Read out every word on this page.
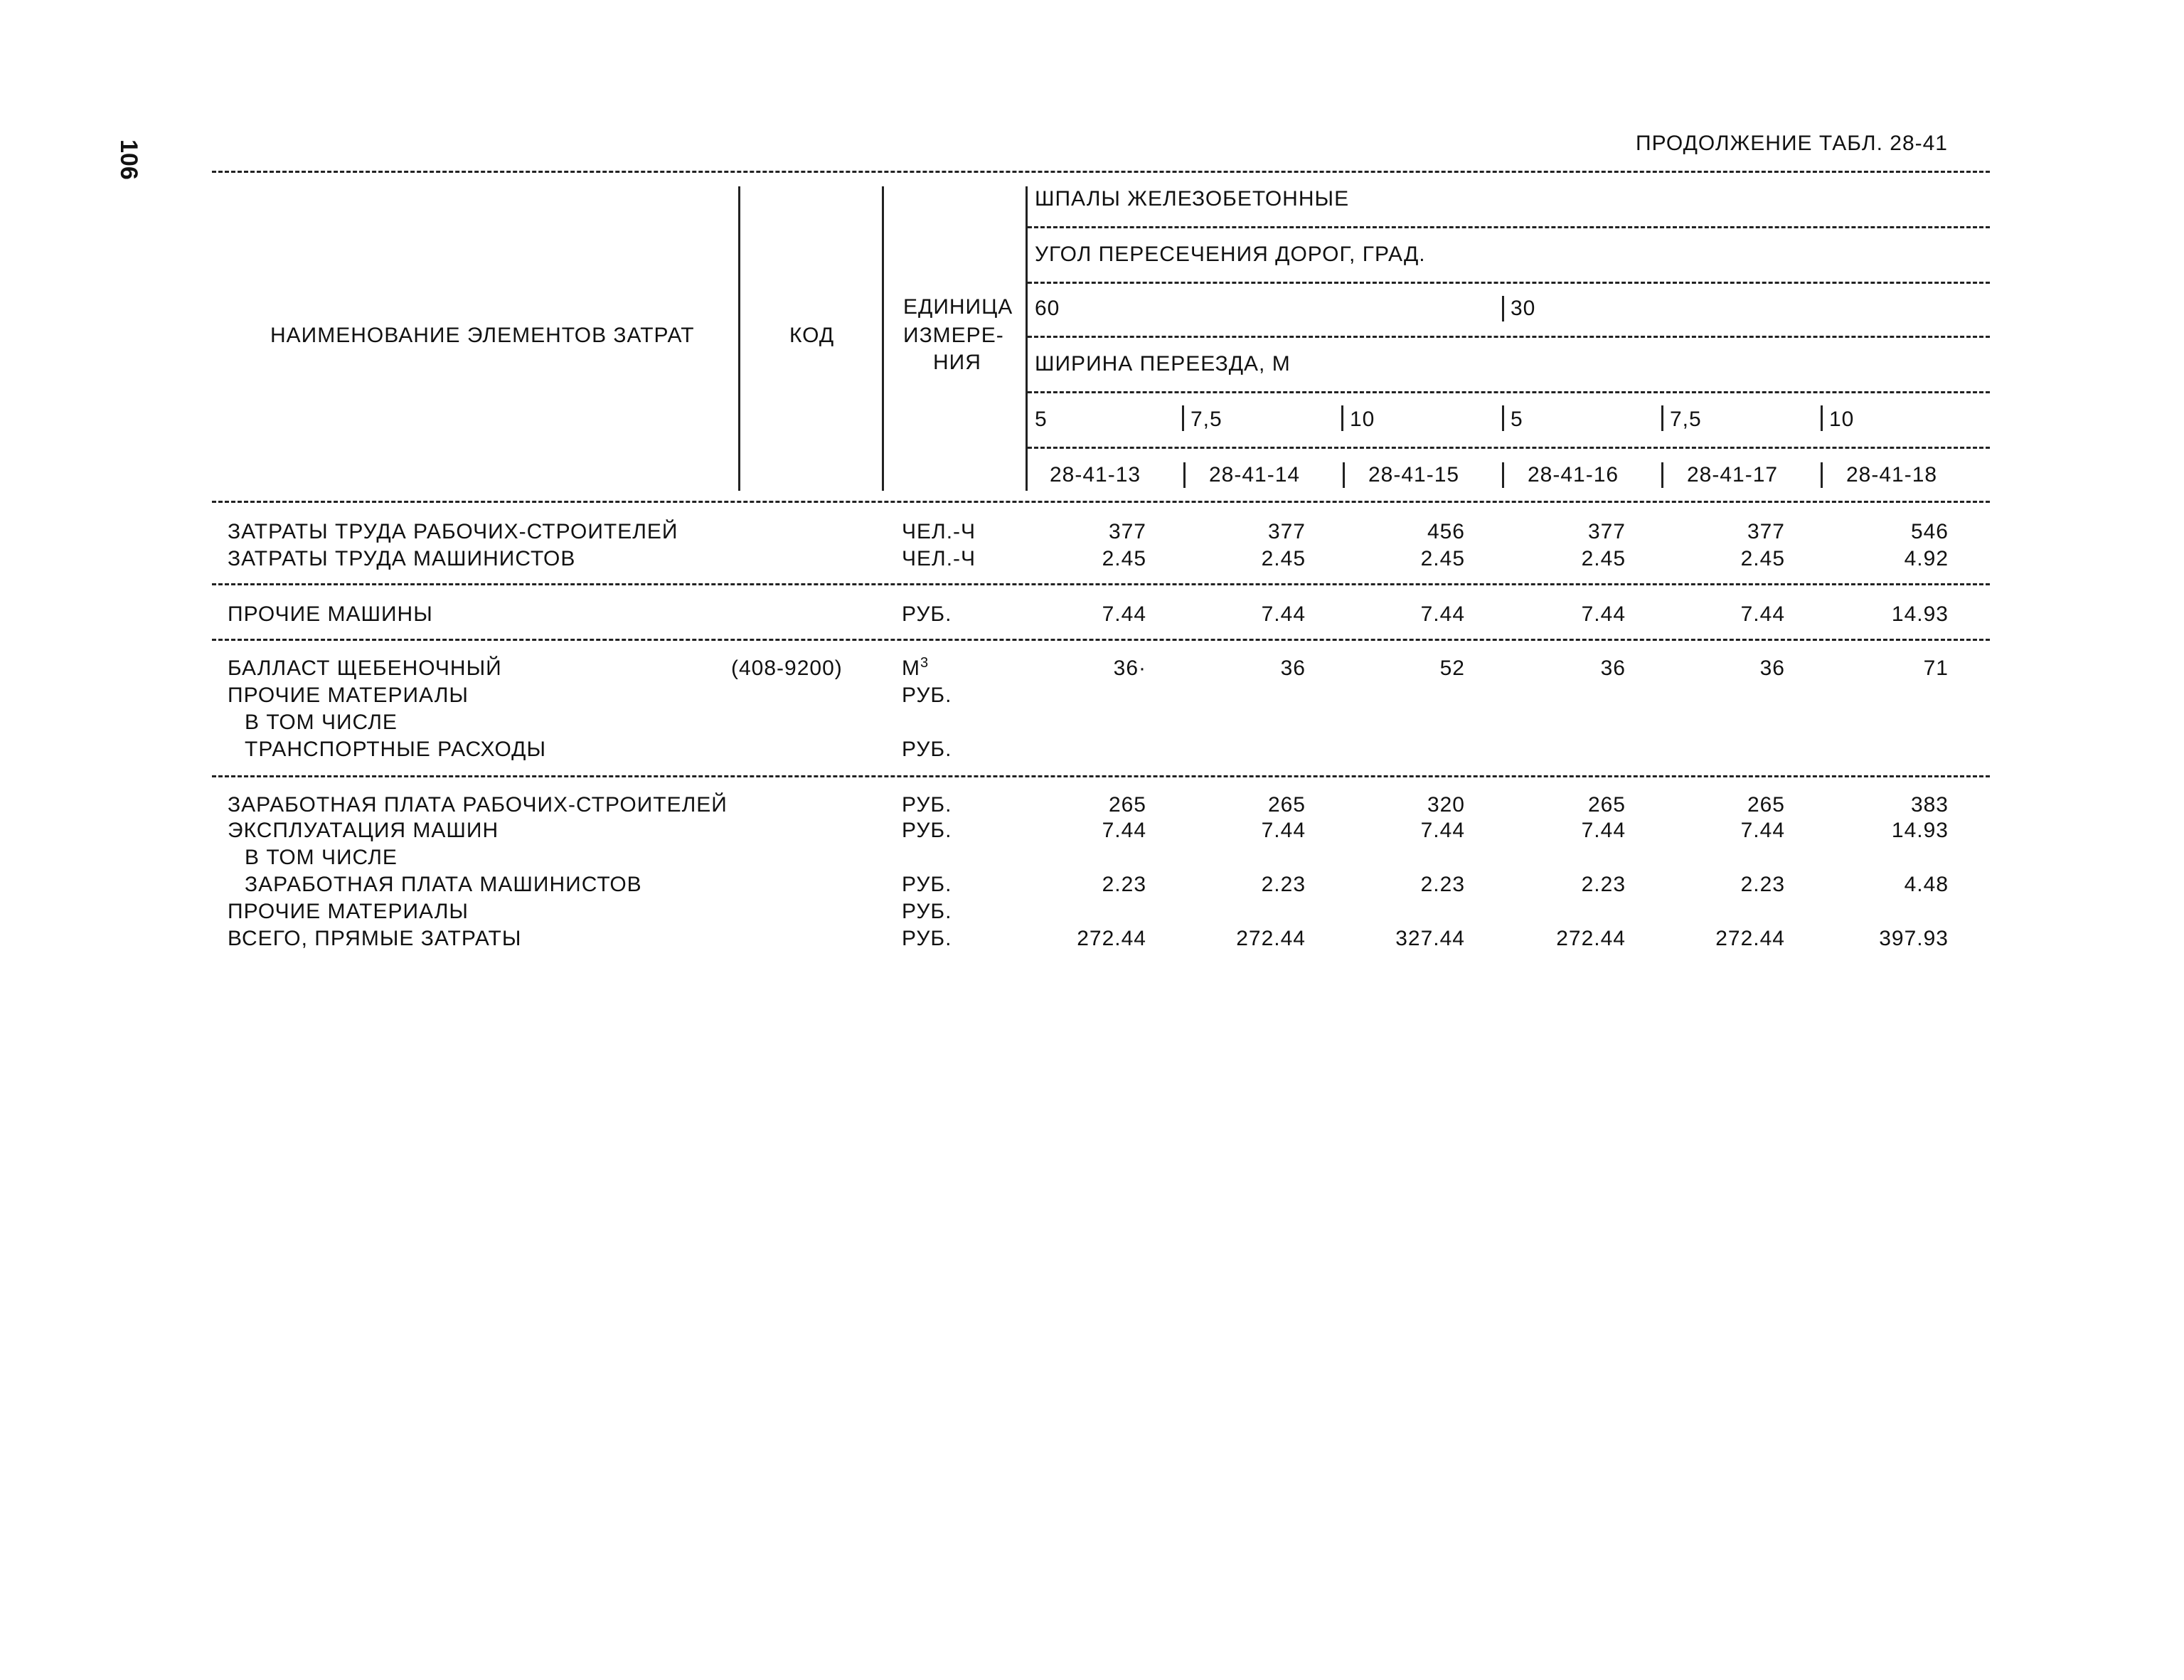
106	ПРОДОЛЖЕНИЕ ТАБЛ. 28-41
НАИМЕНОВАНИЕ ЭЛЕМЕНТОВ ЗАТРАТ	КОД
ЕДИНИЦА
ИЗМЕРЕ-
НИЯ
ШПАЛЫ ЖЕЛЕЗОБЕТОННЫЕ
УГОЛ ПЕРЕСЕЧЕНИЯ ДОРОГ, ГРАД.
60	30
ШИРИНА ПЕРЕЕЗДА, М
5	7,5	10	5	7,5	10
28-41-13	28-41-14	28-41-15	28-41-16	28-41-17	28-41-18
ЗАТРАТЫ ТРУДА РАБОЧИХ-СТРОИТЕЛЕЙ	ЧЕЛ.-Ч	377	377	456	377	377	546
ЗАТРАТЫ ТРУДА МАШИНИСТОВ	ЧЕЛ.-Ч	2.45	2.45	2.45	2.45	2.45	4.92
ПРОЧИЕ МАШИНЫ	РУБ.	7.44	7.44	7.44	7.44	7.44	14.93
БАЛЛАСТ ЩЕБЕНОЧНЫЙ	(408-9200)	$М^3$	36·	36	52	36	36	71
ПРОЧИЕ МАТЕРИАЛЫ	РУБ.
В ТОМ ЧИСЛЕ
ТРАНСПОРТНЫЕ РАСХОДЫ	РУБ.
ЗАРАБОТНАЯ ПЛАТА РАБОЧИХ-СТРОИТЕЛЕЙ	РУБ.	265	265	320	265	265	383
ЭКСПЛУАТАЦИЯ МАШИН	РУБ.	7.44	7.44	7.44	7.44	7.44	14.93
В ТОМ ЧИСЛЕ
ЗАРАБОТНАЯ ПЛАТА МАШИНИСТОВ	РУБ.	2.23	2.23	2.23	2.23	2.23	4.48
ПРОЧИЕ МАТЕРИАЛЫ	РУБ.
ВСЕГО, ПРЯМЫЕ ЗАТРАТЫ	РУБ.	272.44	272.44	327.44	272.44	272.44	397.93
